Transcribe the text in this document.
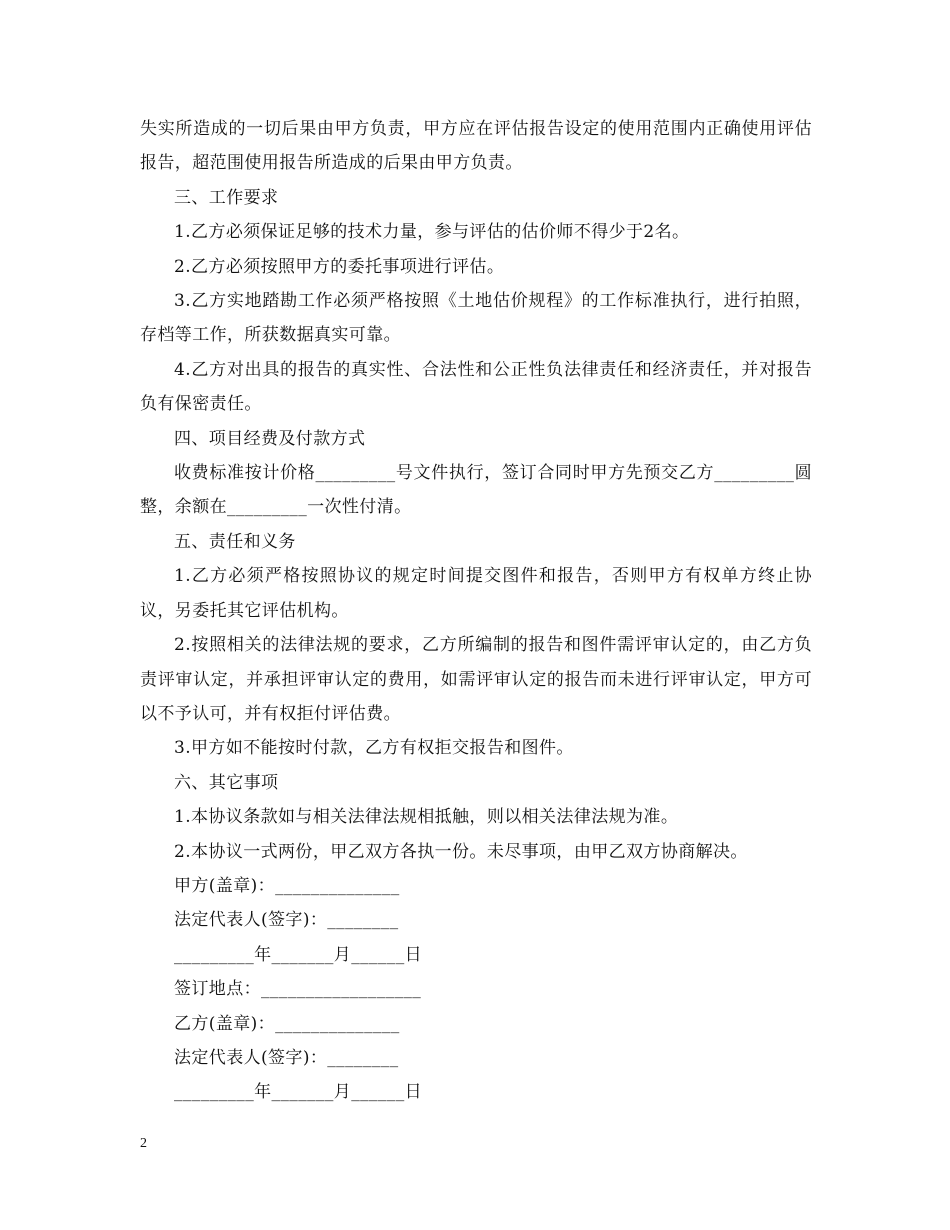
失实所造成的一切后果由甲方负责，甲方应在评估报告设定的使用范围内正确使用评估报告，超范围使用报告所造成的后果由甲方负责。

三、工作要求

1.乙方必须保证足够的技术力量，参与评估的估价师不得少于2名。

2.乙方必须按照甲方的委托事项进行评估。

3.乙方实地踏勘工作必须严格按照《土地估价规程》的工作标准执行，进行拍照，存档等工作，所获数据真实可靠。

4.乙方对出具的报告的真实性、合法性和公正性负法律责任和经济责任，并对报告负有保密责任。

四、项目经费及付款方式

收费标准按计价格_________号文件执行，签订合同时甲方先预交乙方_________圆整，余额在_________一次性付清。

五、责任和义务

1.乙方必须严格按照协议的规定时间提交图件和报告，否则甲方有权单方终止协议，另委托其它评估机构。

2.按照相关的法律法规的要求，乙方所编制的报告和图件需评审认定的，由乙方负责评审认定，并承担评审认定的费用，如需评审认定的报告而未进行评审认定，甲方可以不予认可，并有权拒付评估费。

3.甲方如不能按时付款，乙方有权拒交报告和图件。

六、其它事项

1.本协议条款如与相关法律法规相抵触，则以相关法律法规为准。

2.本协议一式两份，甲乙双方各执一份。未尽事项，由甲乙双方协商解决。

甲方(盖章)：______________

法定代表人(签字)：________

_________年_______月______日

签订地点：__________________

乙方(盖章)：______________

法定代表人(签字)：________

_________年_______月______日

2
